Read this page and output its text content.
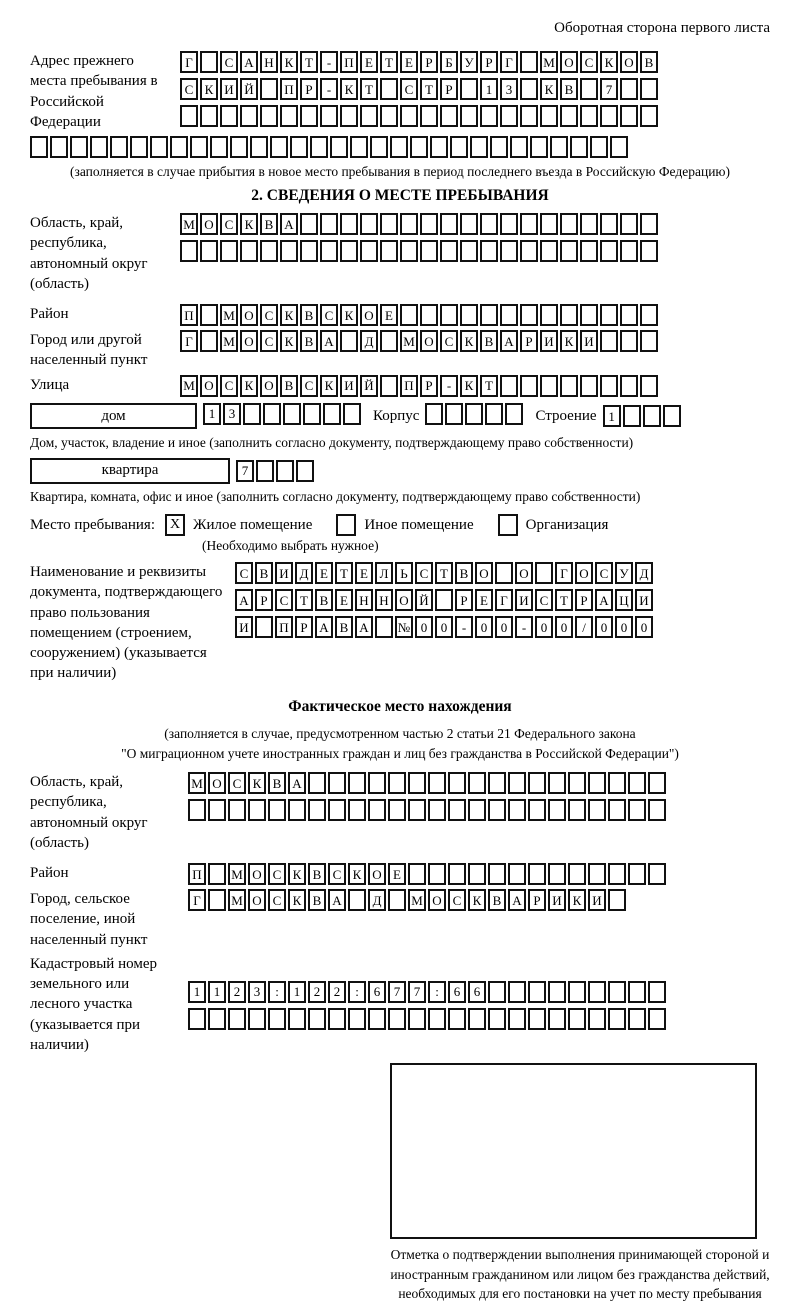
Оборотная сторона первого листа
Адрес прежнего места пребывания в Российской Федерации
Г	С А Н К Т	-	П Е Т Е Р Б У Р Г	М О С К О В
С К И Й	П Р	-	К Т	С Т Р	1	3	К В	7
(заполняется в случае прибытия в новое место пребывания в период последнего въезда в Российскую Федерацию)
2. СВЕДЕНИЯ О МЕСТЕ ПРЕБЫВАНИЯ
Область, край, республика, автономный округ (область)
М О С К В А
Район	П	М О С К В С К О Е
Город или другой населенный пункт
Г	М О С К В А	Д	М О С К В А Р И К И
Улица	М О С К О В С К И Й	П Р	-	К Т
дом	1	3	Корпус	Строение 1
Дом, участок, владение и иное (заполнить согласно документу, подтверждающему право собственности)
квартира	7
Квартира, комната, офис и иное (заполнить согласно документу, подтверждающему право собственности)
Место пребывания:	X Жилое помещение	Иное помещение	Организация
(Необходимо выбрать нужное)
Наименование и реквизиты документа, подтверждающего право пользования помещением (строением, сооружением) (указывается при наличии)
С В И Д Е Т Е Л Ь С Т В О	О	Г О С У Д
А Р С Т В Е Н Н О Й	Р Е Г И С Т Р А Ц И
И	П Р А В А	№ 0	0	-	0	0	-	0	0	/	0	0	0
Фактическое место нахождения
(заполняется в случае, предусмотренном частью 2 статьи 21 Федерального закона
"О миграционном учете иностранных граждан и лиц без гражданства в Российской Федерации")
Область, край, республика, автономный округ (область)
М О С К В А
Район	П	М О С К В С К О Е
Город, сельское поселение, иной населенный пункт
Г	М О С К В А	Д	М О С К В А Р И К И
Кадастровый номер земельного или лесного участка (указывается при наличии)
1	1	2	3	:	1	2	2	:	6	7	7	:	6	6
Отметка о подтверждении выполнения принимающей стороной и иностранным гражданином или лицом без гражданства действий, необходимых для его постановки на учет по месту пребывания
